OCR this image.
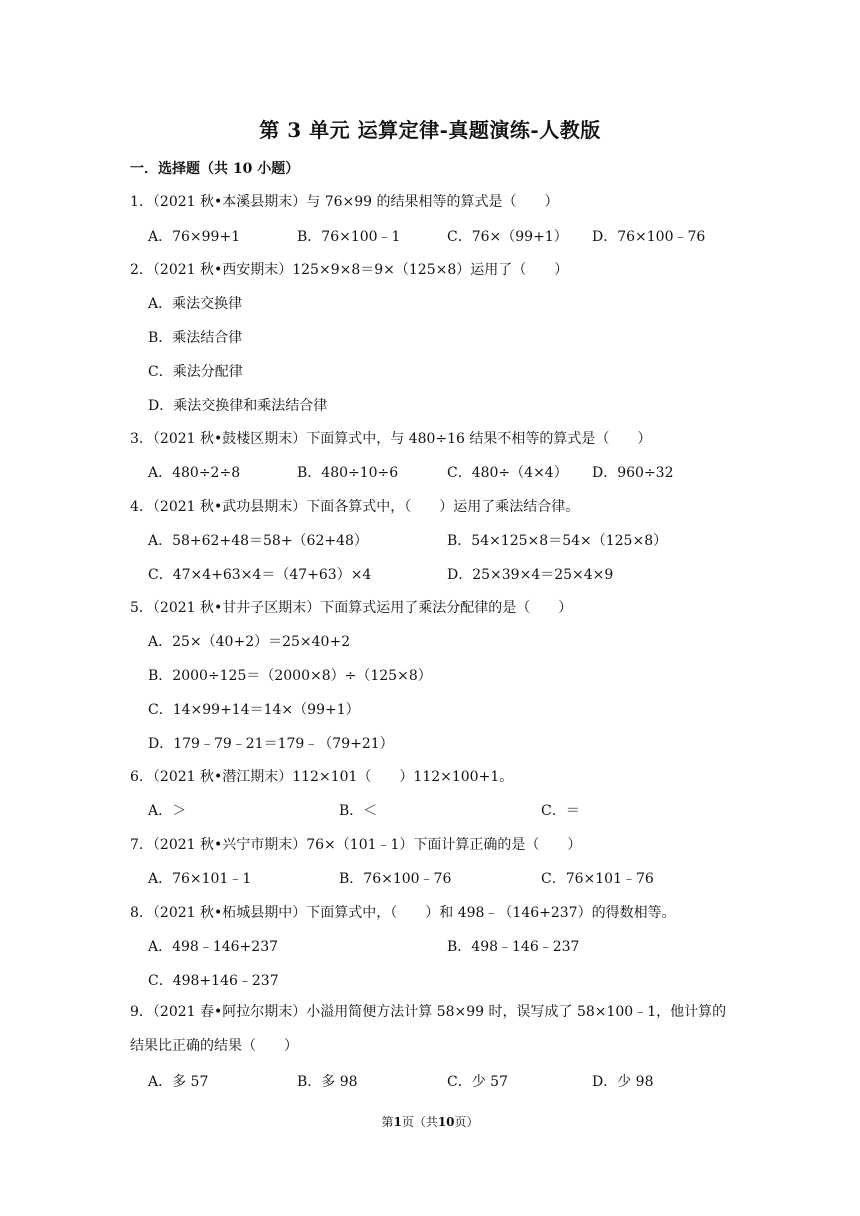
第 3 单元 运算定律-真题演练-人教版
一．选择题（共 10 小题）
1．（2021 秋•本溪县期末）与 76×99 的结果相等的算式是（　　）
A．76×99+1	B．76×100﹣1	C．76×（99+1） D．76×100﹣76
2．（2021 秋•西安期末）125×9×8＝9×（125×8）运用了（　　）
A．乘法交换律
B．乘法结合律
C．乘法分配律
D．乘法交换律和乘法结合律
3．（2021 秋•鼓楼区期末）下面算式中，与 480÷16 结果不相等的算式是（　　）
A．480÷2÷8	B．480÷10÷6	C．480÷（4×4） D．960÷32
4．（2021 秋•武功县期末）下面各算式中，（　　）运用了乘法结合律。
A．58+62+48＝58+（62+48）	B．54×125×8＝54×（125×8）
C．47×4+63×4＝（47+63）×4	D．25×39×4＝25×4×9
5．（2021 秋•甘井子区期末）下面算式运用了乘法分配律的是（　　）
A．25×（40+2）＝25×40+2
B．2000÷125＝（2000×8）÷（125×8）
C．14×99+14＝14×（99+1）
D．179﹣79﹣21＝179﹣（79+21）
6．（2021 秋•潜江期末）112×101（　　）112×100+1。
A．＞	B．＜	C．＝
7．（2021 秋•兴宁市期末）76×（101﹣1）下面计算正确的是（　　）
A．76×101﹣1	B．76×100﹣76	C．76×101﹣76
8．（2021 秋•柘城县期中）下面算式中，（　　）和 498﹣（146+237）的得数相等。
A．498﹣146+237	B．498﹣146﹣237
C．498+146﹣237
9．（2021 春•阿拉尔期末）小溢用简便方法计算 58×99 时，误写成了 58×100﹣1，他计算的结果比正确的结果（　　）
A．多 57	B．多 98	C．少 57	D．少 98
第1页（共10页）
